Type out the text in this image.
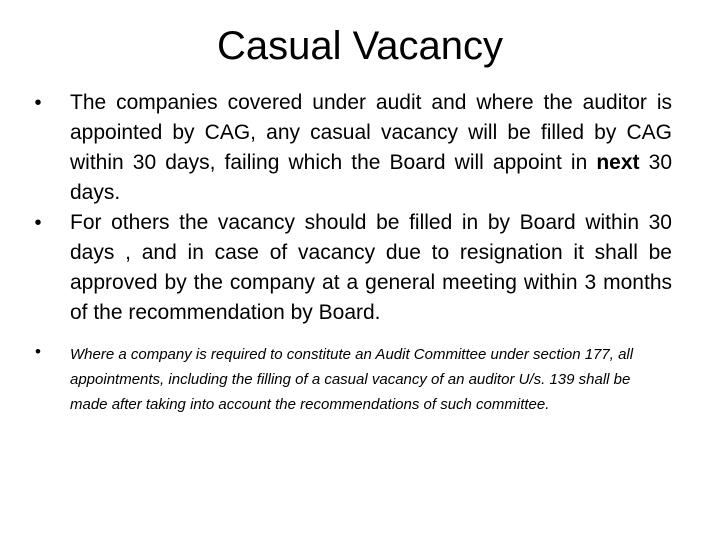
Casual Vacancy
•	The companies covered under audit and where the auditor is appointed by CAG, any casual vacancy will be filled by CAG within 30 days, failing which the Board will appoint in next 30 days.
•	For others the vacancy should be filled in by Board within 30 days , and in case of vacancy due to resignation it shall be approved by the company at a general meeting within 3 months of the recommendation by Board.
•	Where a company is required to constitute an Audit Committee under section 177, all appointments, including the filling of a casual vacancy of an auditor U/s. 139 shall be made after taking into account the recommendations of such committee.
